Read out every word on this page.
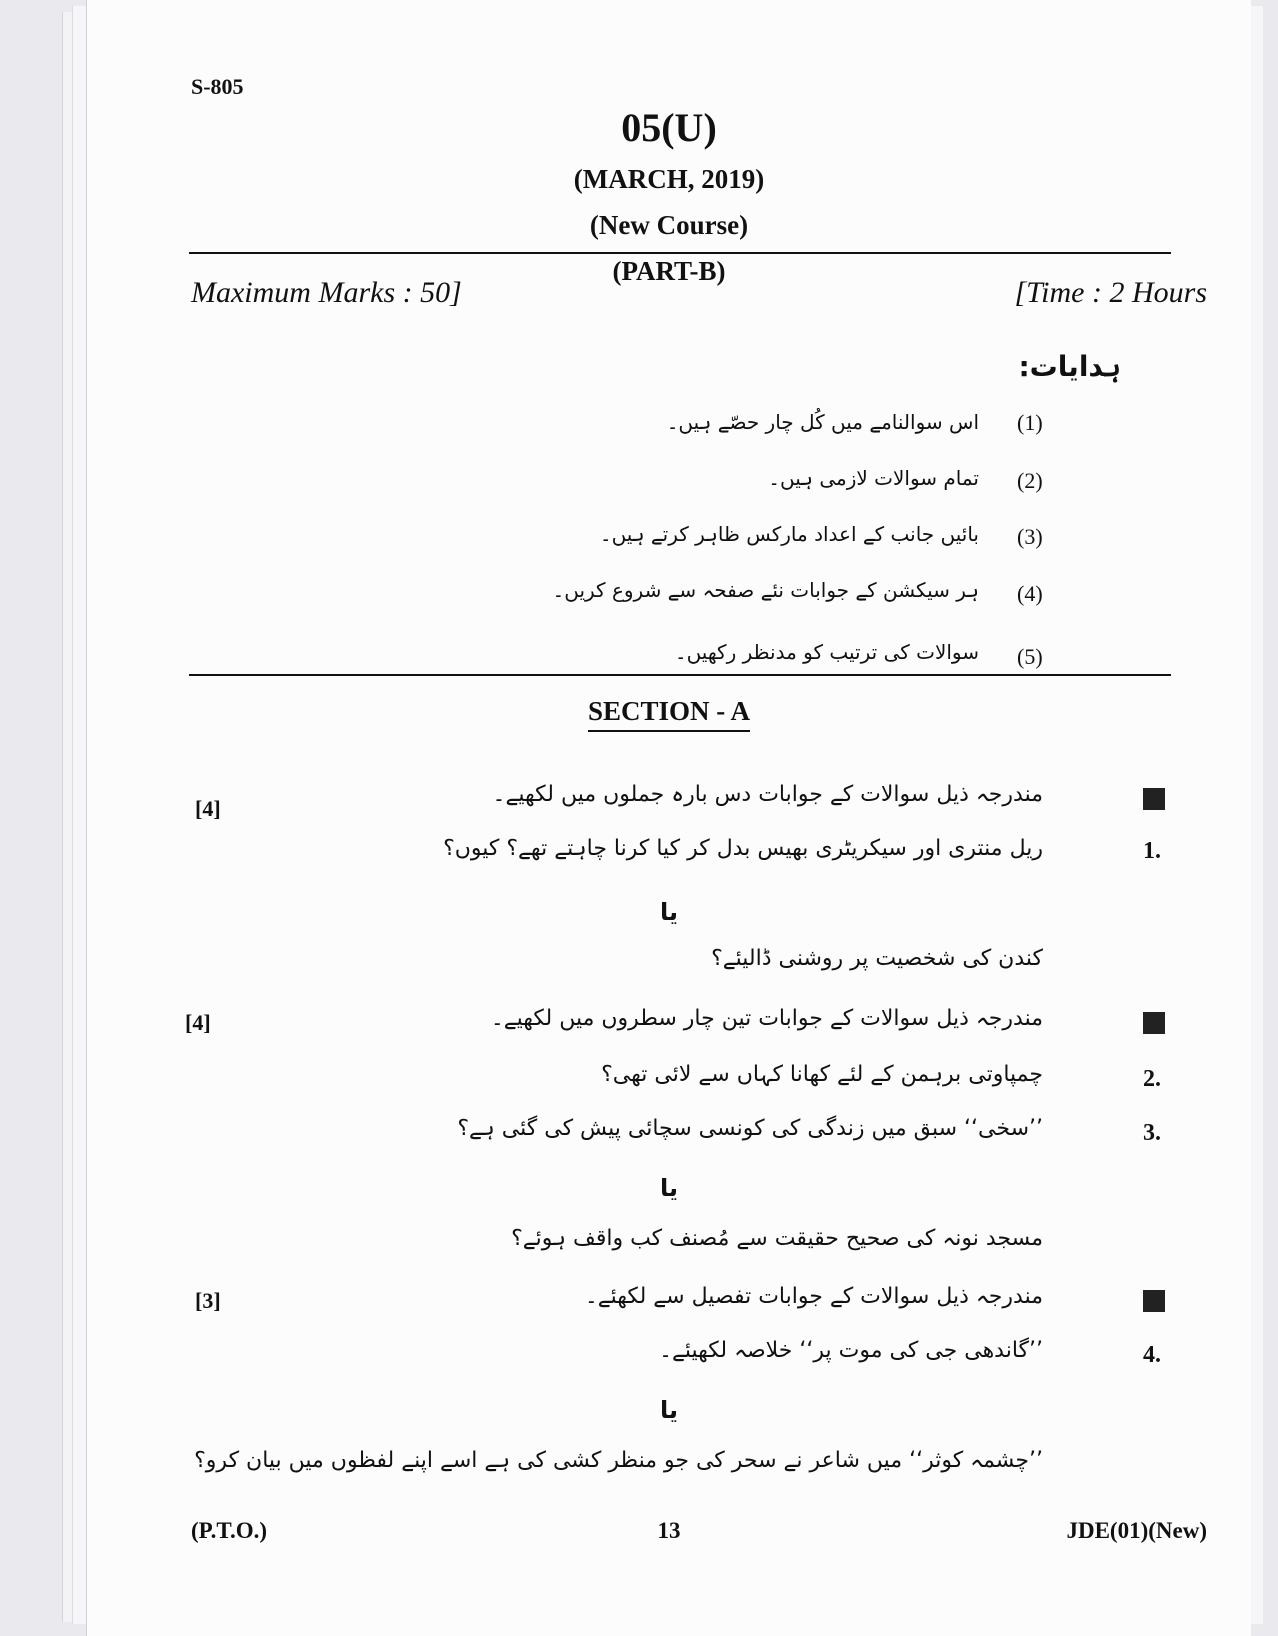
S-805
05(U)
(MARCH, 2019)
(New Course)
(PART-B)
Maximum Marks : 50]	[Time : 2 Hours
ہدایات:
(1)
اس سوالنامے میں کُل چار حصّے ہیں۔
(2)
تمام سوالات لازمی ہیں۔
(3)
بائیں جانب کے اعداد مارکس ظاہر کرتے ہیں۔
(4)
ہر سیکشن کے جوابات نئے صفحہ سے شروع کریں۔
(5)
سوالات کی ترتیب کو مدنظر رکھیں۔
SECTION - A
مندرجہ ذیل سوالات کے جوابات دس بارہ جملوں میں لکھیے۔
[4]
1.
ریل منتری اور سیکریٹری بھیس بدل کر کیا کرنا چاہتے تھے؟ کیوں؟
یا
کندن کی شخصیت پر روشنی ڈالیئے؟
مندرجہ ذیل سوالات کے جوابات تین چار سطروں میں لکھیے۔
[4]
2.
چمپاوتی برہمن کے لئے کھانا کہاں سے لائی تھی؟
3.
’’سخی‘‘ سبق میں زندگی کی کونسی سچائی پیش کی گئی ہے؟
یا
مسجد نونہ کی صحیح حقیقت سے مُصنف کب واقف ہوئے؟
مندرجہ ذیل سوالات کے جوابات تفصیل سے لکھئے۔
[3]
4.
’’گاندھی جی کی موت پر‘‘ خلاصہ لکھیئے۔
یا
’’چشمہ کوثر‘‘ میں شاعر نے سحر کی جو منظر کشی کی ہے اسے اپنے لفظوں میں بیان کرو؟
(P.T.O.)	13	JDE(01)(New)
